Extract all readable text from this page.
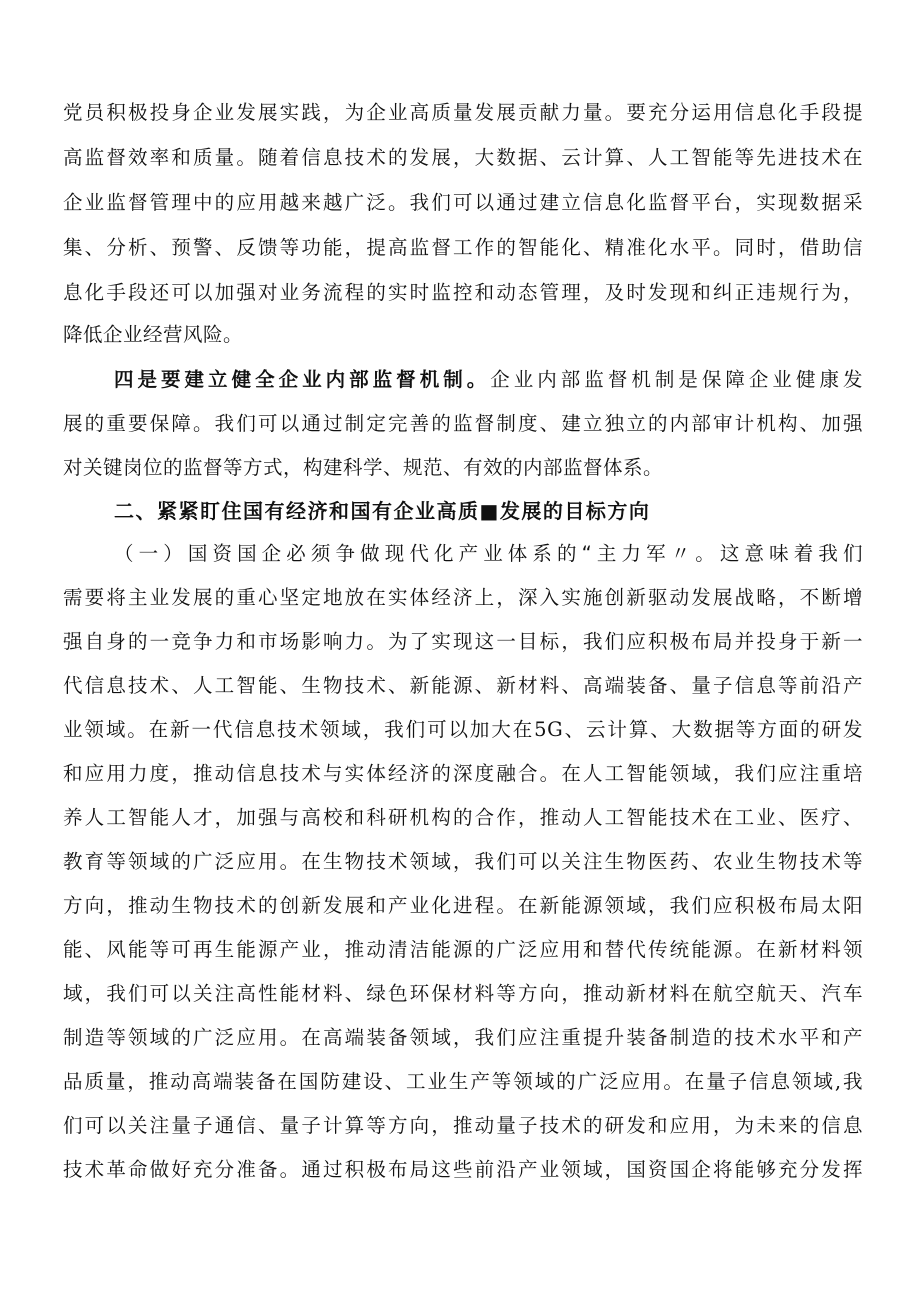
党员积极投身企业发展实践，为企业高质量发展贡献力量。要充分运用信息化手段提
高监督效率和质量。随着信息技术的发展，大数据、云计算、人工智能等先进技术在
企业监督管理中的应用越来越广泛。我们可以通过建立信息化监督平台，实现数据采
集、分析、预警、反馈等功能，提高监督工作的智能化、精准化水平。同时，借助信
息化手段还可以加强对业务流程的实时监控和动态管理，及时发现和纠正违规行为，
降低企业经营风险。
四是要建立健全企业内部监督机制。企业内部监督机制是保障企业健康发
展的重要保障。我们可以通过制定完善的监督制度、建立独立的内部审计机构、加强
对关键岗位的监督等方式，构建科学、规范、有效的内部监督体系。
二、紧紧盯住国有经济和国有企业高质■发展的目标方向
（一）国资国企必须争做现代化产业体系的“主力军〃。这意味着我们
需要将主业发展的重心坚定地放在实体经济上，深入实施创新驱动发展战略，不断增
强自身的一竞争力和市场影响力。为了实现这一目标，我们应积极布局并投身于新一
代信息技术、人工智能、生物技术、新能源、新材料、高端装备、量子信息等前沿产
业领域。在新一代信息技术领域，我们可以加大在5G、云计算、大数据等方面的研发
和应用力度，推动信息技术与实体经济的深度融合。在人工智能领域，我们应注重培
养人工智能人才，加强与高校和科研机构的合作，推动人工智能技术在工业、医疗、
教育等领域的广泛应用。在生物技术领域，我们可以关注生物医药、农业生物技术等
方向，推动生物技术的创新发展和产业化进程。在新能源领域，我们应积极布局太阳
能、风能等可再生能源产业，推动清洁能源的广泛应用和替代传统能源。在新材料领
域，我们可以关注高性能材料、绿色环保材料等方向，推动新材料在航空航天、汽车
制造等领域的广泛应用。在高端装备领域，我们应注重提升装备制造的技术水平和产
品质量，推动高端装备在国防建设、工业生产等领域的广泛应用。在量子信息领域,我
们可以关注量子通信、量子计算等方向，推动量子技术的研发和应用，为未来的信息
技术革命做好充分准备。通过积极布局这些前沿产业领域，国资国企将能够充分发挥
